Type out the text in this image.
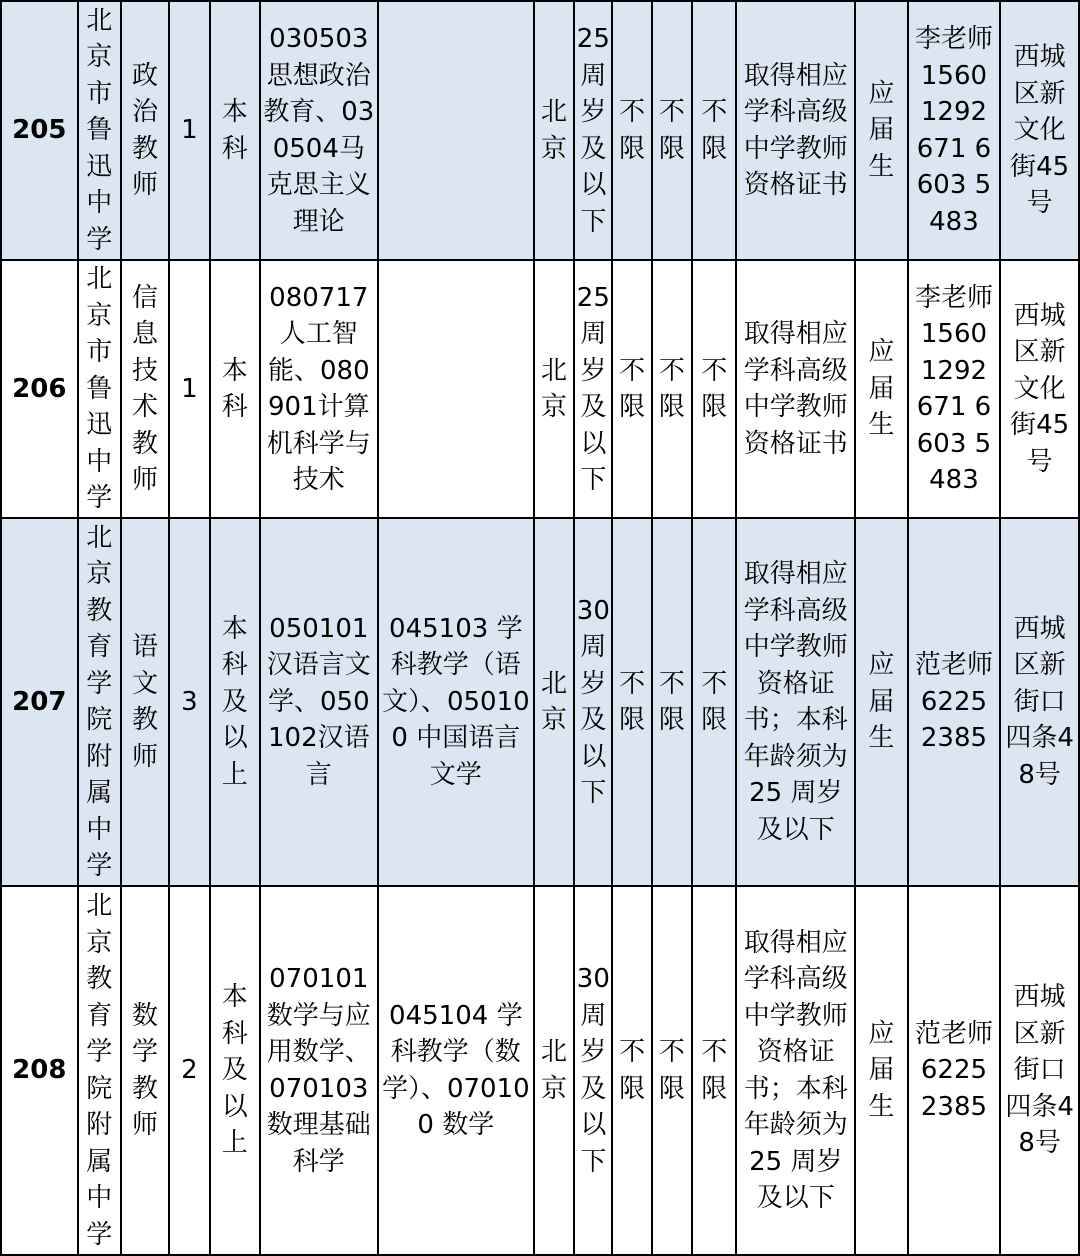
205	北京市鲁迅中学	政治教师	1	本科	030503思想政治教育、030504马克思主义理论		北京	25周岁及以下	不限	不限	不限	取得相应学科高级中学教师资格证书	应届生	李老师 1560 1292 671 6603 5483	西城区新文化街45号
206	北京市鲁迅中学	信息技术教师	1	本科	080717人工智能、080901计算机科学与技术		北京	25周岁及以下	不限	不限	不限	取得相应学科高级中学教师资格证书	应届生	李老师 1560 1292 671 6603 5483	西城区新文化街45号
207	北京教育学院附属中学	语文教师	3	本科及以上	050101汉语言文学、050102汉语言	045103 学科教学（语文）、050100 中国语言文学	北京	30周岁及以下	不限	不限	不限	取得相应学科高级中学教师资格证书；本科年龄须为 25 周岁及以下	应届生	范老师 6225 2385	西城区新街口四条48号
208	北京教育学院附属中学	数学教师	2	本科及以上	070101数学与应用数学、070103数理基础科学	045104 学科教学（数学）、070100 数学	北京	30周岁及以下	不限	不限	不限	取得相应学科高级中学教师资格证书；本科年龄须为 25 周岁及以下	应届生	范老师 6225 2385	西城区新街口四条48号
